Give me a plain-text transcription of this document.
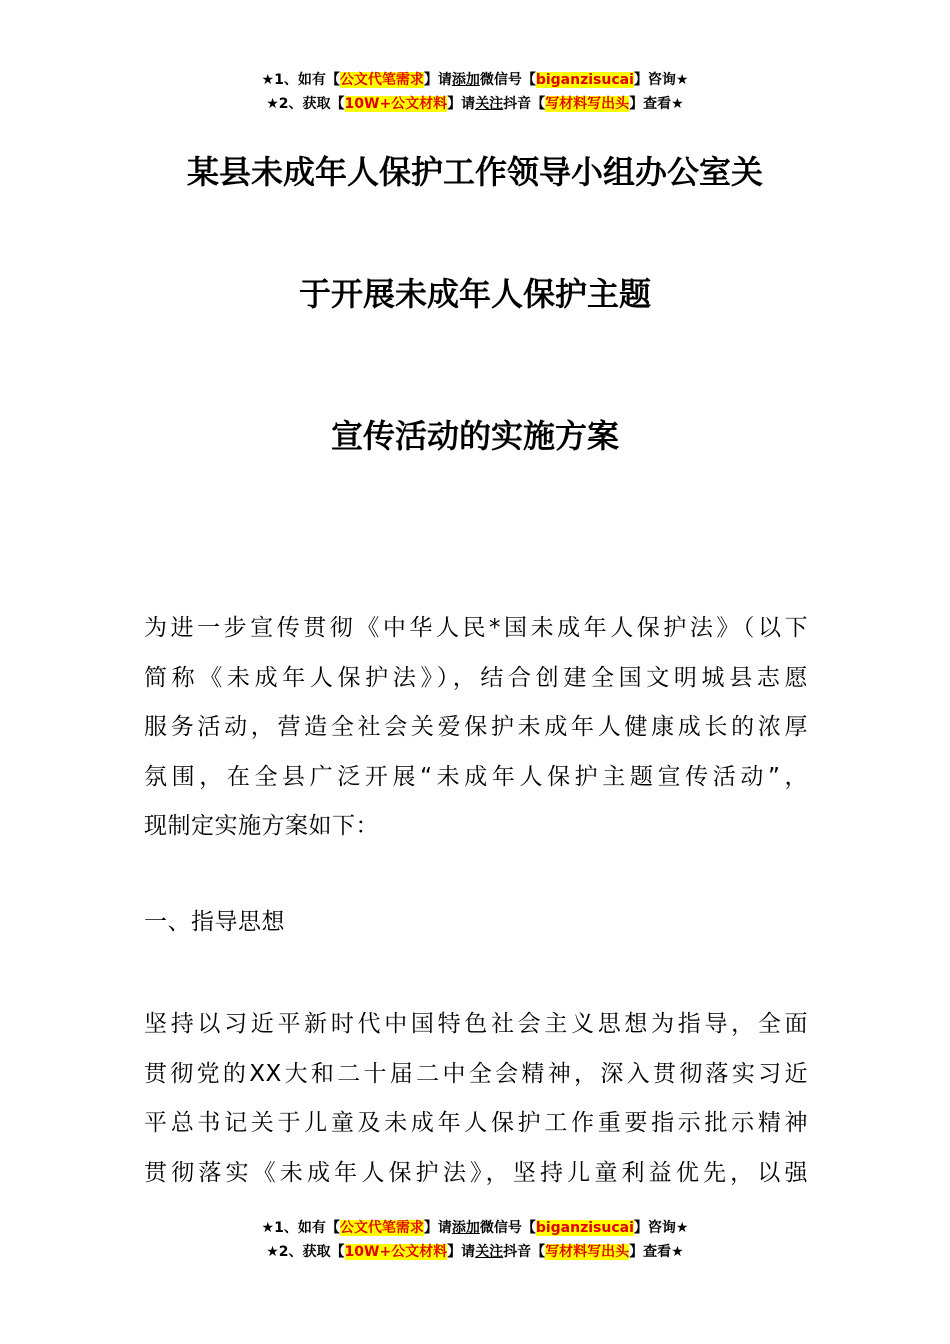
★1、如有【公文代笔需求】请添加微信号【biganzisucai】咨询★
★2、获取【10W+公文材料】请关注抖音【写材料写出头】查看★
某县未成年人保护工作领导小组办公室关
于开展未成年人保护主题
宣传活动的实施方案
为进一步宣传贯彻《中华人民*国未成年人保护法》（以下
简称《未成年人保护法》），结合创建全国文明城县志愿
服务活动，营造全社会关爱保护未成年人健康成长的浓厚
氛围，在全县广泛开展“未成年人保护主题宣传活动”，
现制定实施方案如下：
一、指导思想
坚持以习近平新时代中国特色社会主义思想为指导，全面
贯彻党的XX大和二十届二中全会精神，深入贯彻落实习近
平总书记关于儿童及未成年人保护工作重要指示批示精神
贯彻落实《未成年人保护法》，坚持儿童利益优先，以强
★1、如有【公文代笔需求】请添加微信号【biganzisucai】咨询★
★2、获取【10W+公文材料】请关注抖音【写材料写出头】查看★
